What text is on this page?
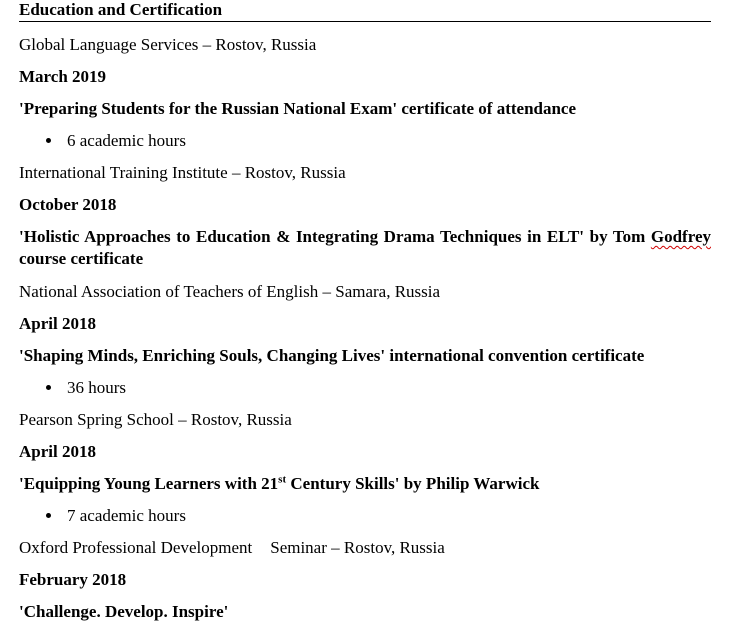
Education and Certification
Global Language Services – Rostov, Russia
March 2019
'Preparing Students for the Russian National Exam' certificate of attendance
6 academic hours
International Training Institute – Rostov, Russia
October 2018
'Holistic Approaches to Education & Integrating Drama Techniques in ELT' by Tom Godfrey course certificate
National Association of Teachers of English – Samara, Russia
April 2018
'Shaping Minds, Enriching Souls, Changing Lives' international convention certificate
36 hours
Pearson Spring School – Rostov, Russia
April 2018
'Equipping Young Learners with 21st Century Skills' by Philip Warwick
7 academic hours
Oxford Professional Development Seminar – Rostov, Russia
February 2018
'Challenge. Develop. Inspire'
